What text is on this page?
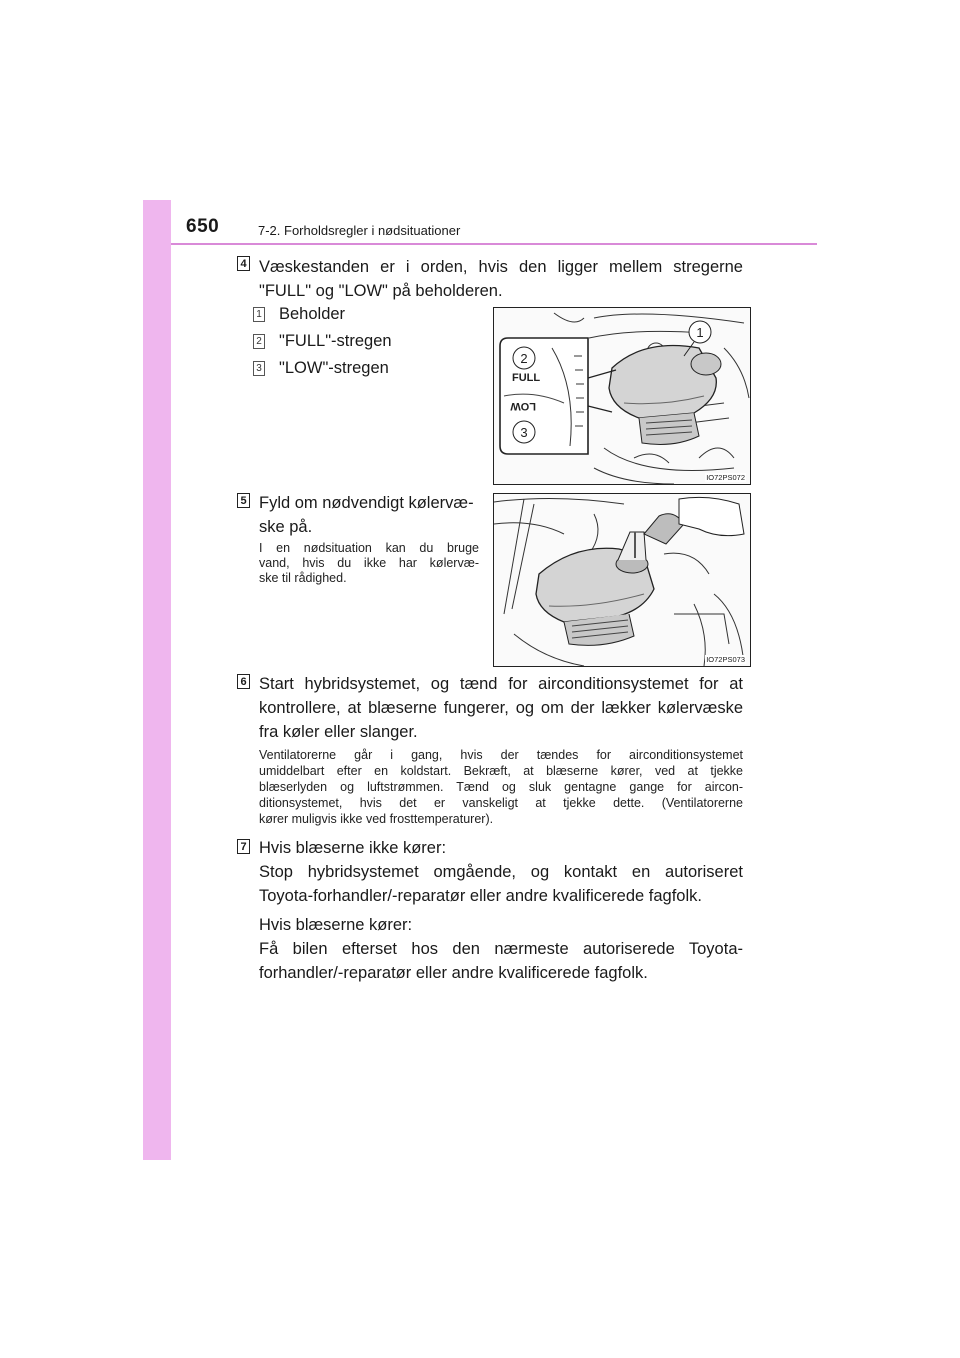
650	7-2. Forholdsregler i nødsituationer
4 Væskestanden er i orden, hvis den ligger mellem stregerne
"FULL" og "LOW" på beholderen.
1 Beholder
2 "FULL"-stregen
3 "LOW"-stregen
1
FULL
LOW
2
3
IO72PS072
5 Fyld om nødvendigt kølervæ-
ske på.
I en nødsituation kan du bruge
vand, hvis du ikke har kølervæ-
ske til rådighed.
IO72PS073
6 Start hybridsystemet, og tænd for airconditionsystemet for at
kontrollere, at blæserne fungerer, og om der lækker kølervæske
fra køler eller slanger.
Ventilatorerne går i gang, hvis der tændes for airconditionsystemet
umiddelbart efter en koldstart. Bekræft, at blæserne kører, ved at tjekke
blæserlyden og luftstrømmen. Tænd og sluk gentagne gange for aircon-
ditionsystemet, hvis det er vanskeligt at tjekke dette. (Ventilatorerne
kører muligvis ikke ved frosttemperaturer).
7 Hvis blæserne ikke kører:
Stop hybridsystemet omgående, og kontakt en autoriseret
Toyota-forhandler/-reparatør eller andre kvalificerede fagfolk.
Hvis blæserne kører:
Få bilen efterset hos den nærmeste autoriserede Toyota-
forhandler/-reparatør eller andre kvalificerede fagfolk.
